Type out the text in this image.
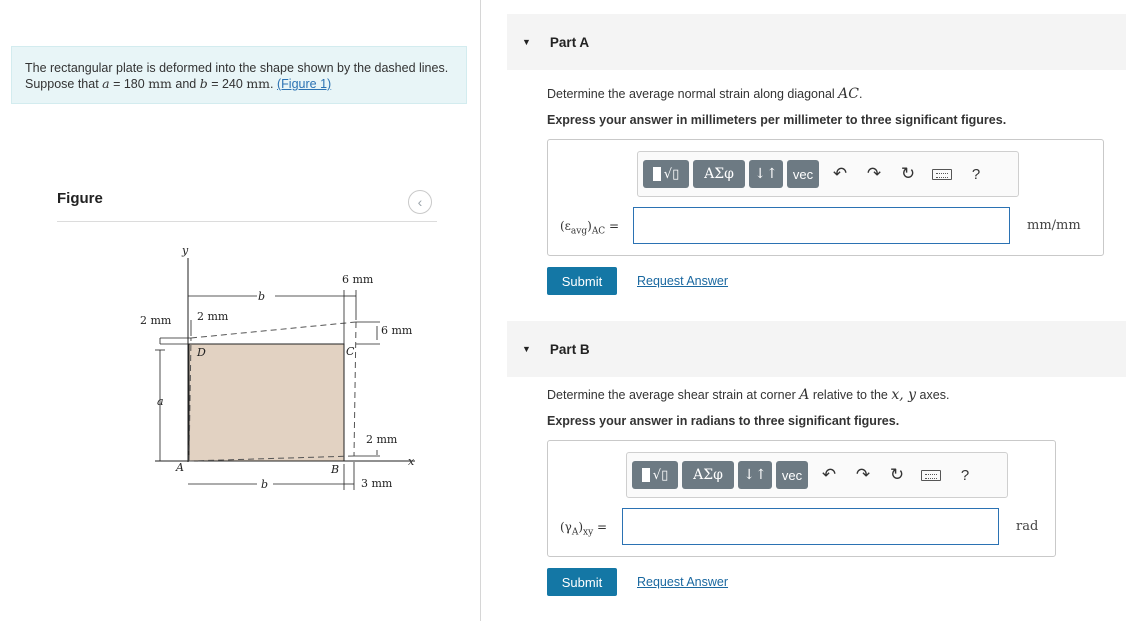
The rectangular plate is deformed into the shape shown by the dashed lines. Suppose that a = 180 mm and b = 240 mm. (Figure 1)
Figure	‹
y
x
b
b
a
A	B
C
D
2 mm 2 mm
6 mm
6 mm
2 mm
3 mm
▼ Part A
Determine the average normal strain along diagonal AC.
Express your answer in millimeters per millimeter to three significant figures.
√▯	ΑΣφ	↓↑	vec	↶	↷	↻	?
$(\varepsilon_{avg})_{AC}$ =	mm/mm
Submit	Request Answer
▼ Part B
Determine the average shear strain at corner A relative to the x, y axes.
Express your answer in radians to three significant figures.
√▯	ΑΣφ	↓↑	vec	↶	↷	↻	?
$(\gamma_A)_{xy}$ =	rad
Submit	Request Answer
